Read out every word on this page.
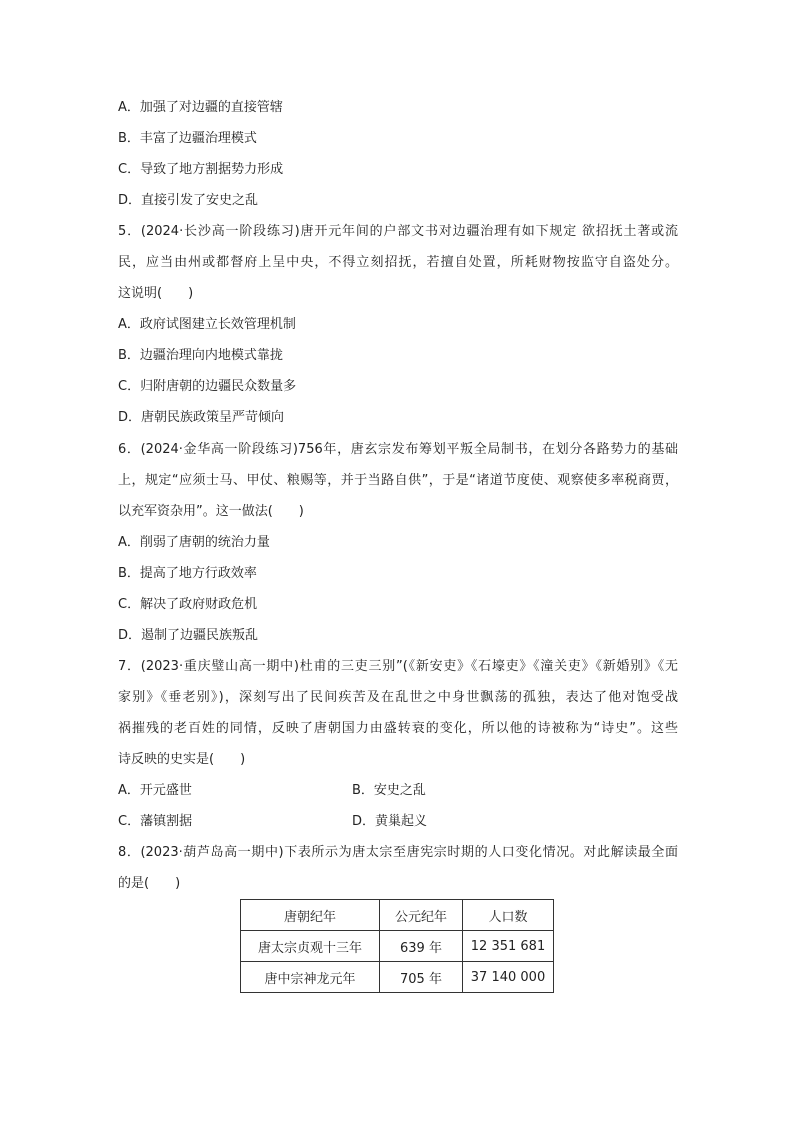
A．加强了对边疆的直接管辖
B．丰富了边疆治理模式
C．导致了地方割据势力形成
D．直接引发了安史之乱
5．(2024·长沙高一阶段练习)唐开元年间的户部文书对边疆治理有如下规定 欲招抚土著或流
民，应当由州或都督府上呈中央，不得立刻招抚，若擅自处置，所耗财物按监守自盗处分。
这说明(　　)
A．政府试图建立长效管理机制
B．边疆治理向内地模式靠拢
C．归附唐朝的边疆民众数量多
D．唐朝民族政策呈严苛倾向
6．(2024·金华高一阶段练习)756年，唐玄宗发布筹划平叛全局制书，在划分各路势力的基础
上，规定“应须士马、甲仗、粮赐等，并于当路自供”，于是“诸道节度使、观察使多率税商贾，
以充军资杂用”。这一做法(　　)
A．削弱了唐朝的统治力量
B．提高了地方行政效率
C．解决了政府财政危机
D．遏制了边疆民族叛乱
7．(2023·重庆璧山高一期中)杜甫的三吏三别”(《新安吏》《石壕吏》《潼关吏》《新婚别》《无
家别》《垂老别》)，深刻写出了民间疾苦及在乱世之中身世飘荡的孤独，表达了他对饱受战
祸摧残的老百姓的同情，反映了唐朝国力由盛转衰的变化，所以他的诗被称为“诗史”。这些
诗反映的史实是(　　)
A．开元盛世	B．安史之乱
C．藩镇割据	D．黄巢起义
8．(2023·葫芦岛高一期中)下表所示为唐太宗至唐宪宗时期的人口变化情况。对此解读最全面
的是(　　)
唐朝纪年	公元纪年	人口数
唐太宗贞观十三年	639 年	12 351 681
唐中宗神龙元年	705 年	37 140 000
